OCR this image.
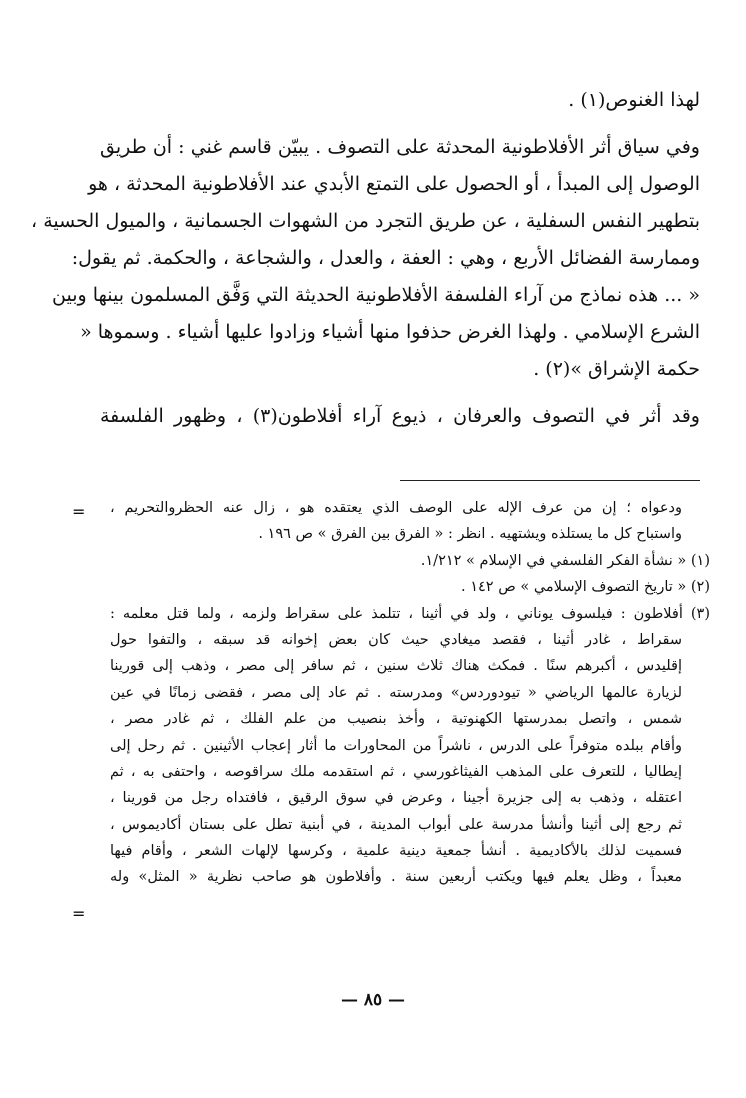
لهذا الغنوص(١) .
وفي سياق أثر الأفلاطونية المحدثة على التصوف . يبيّن قاسم غني : أن طريق
الوصول إلى المبدأ ، أو الحصول على التمتع الأبدي عند الأفلاطونية المحدثة ، هو
بتطهير النفس السفلية ، عن طريق التجرد من الشهوات الجسمانية ، والميول الحسية ،
وممارسة الفضائل الأربع ، وهي : العفة ، والعدل ، والشجاعة ، والحكمة. ثم يقول:
« ... هذه نماذج من آراء الفلسفة الأفلاطونية الحديثة التي وَفَّق المسلمون بينها وبين
الشرع الإسلامي . ولهذا الغرض حذفوا منها أشياء وزادوا عليها أشياء . وسموها «
حكمة الإشراق »(٢) .
وقد أثر في التصوف والعرفان ، ذيوع آراء أفلاطون(٣) ، وظهور الفلسفة
= ودعواه ؛ إن من عرف الإله على الوصف الذي يعتقده هو ، زال عنه الحظروالتحريم ،
واستباح كل ما يستلذه ويشتهيه . انظر : « الفرق بين الفرق » ص ١٩٦ .
(١) « نشأة الفكر الفلسفي في الإسلام » ١/٢١٢.
(٢) « تاريخ التصوف الإسلامي » ص ١٤٢ .
(٣) أفلاطون : فيلسوف يوناني ، ولد في أثينا ، تتلمذ على سقراط ولزمه ، ولما قتل معلمه :
سقراط ، غادر أثينا ، فقصد ميغادي حيث كان بعض إخوانه قد سبقه ، والتفوا حول
إقليدس ، أكبرهم سنًا . فمكث هناك ثلاث سنين ، ثم سافر إلى مصر ، وذهب إلى قورينا
لزيارة عالمها الرياضي « تيودوردس» ومدرسته . ثم عاد إلى مصر ، فقضى زمانًا في عين
شمس ، واتصل بمدرستها الكهنوتية ، وأخذ بنصيب من علم الفلك ، ثم غادر مصر ،
وأقام ببلده متوفراً على الدرس ، ناشراً من المحاورات ما أثار إعجاب الأثينين . ثم رحل إلى
إيطاليا ، للتعرف على المذهب الفيثاغورسي ، ثم استقدمه ملك سراقوصه ، واحتفى به ، ثم
اعتقله ، وذهب به إلى جزيرة أجينا ، وعرض في سوق الرقيق ، فافتداه رجل من قورينا ،
ثم رجع إلى أثينا وأنشأ مدرسة على أبواب المدينة ، في أبنية تطل على بستان أكاديموس ،
فسميت لذلك بالأكاديمية . أنشأ جمعية دينية علمية ، وكرسها لإلهات الشعر ، وأقام فيها
معبداً ، وظل يعلم فيها ويكتب أربعين سنة . وأفلاطون هو صاحب نظرية « المثل» وله
=
— ٨٥ —
